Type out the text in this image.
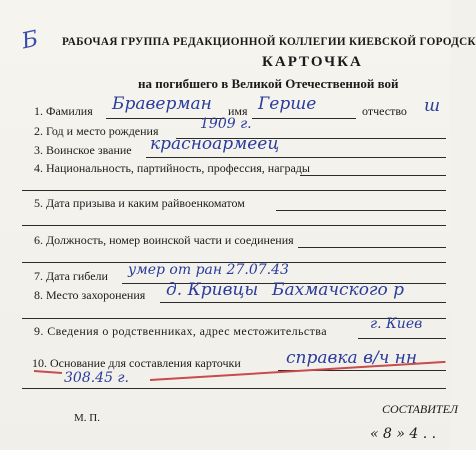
Б РАБОЧАЯ ГРУППА РЕДАКЦИОННОЙ КОЛЛЕГИИ КИЕВСКОЙ ГОРОДСК
КАРТОЧКА
на погибшего в Великой Отечественной вой
1. Фамилия Браверман имя Герше	отчество ш
2. Год и место рождения	1909 г.
3. Воинское звание красноармеец
4. Национальность, партийность, профессия, награды
5. Дата призыва и каким райвоенкоматом
6. Должность, номер воинской части и соединения
7. Дата гибели умер от ран 27.07.43
8. Место захоронения д. Кривцы Бахмачского р
9. Сведения о родственниках, адрес местожительства	г. Киев
10. Основание для составления карточки	справка в/ч нн
308.45 г.
М. П.
СОСТАВИТЕЛ
« 8 » 4 . .
